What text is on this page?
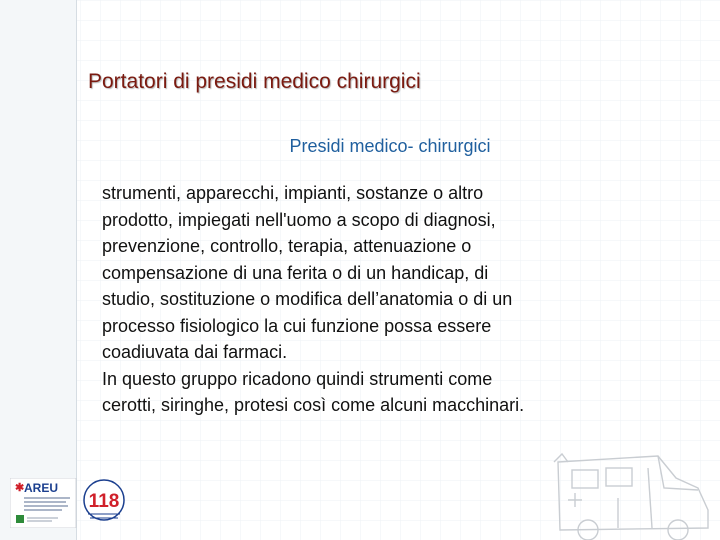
Portatori di presidi medico chirurgici
Presidi medico- chirurgici
strumenti, apparecchi, impianti, sostanze o altro
prodotto, impiegati nell'uomo a scopo di diagnosi,
prevenzione, controllo, terapia, attenuazione o
compensazione di una ferita o di un handicap, di
studio, sostituzione o modifica dell’anatomia o di un
processo fisiologico la cui funzione possa essere
coadiuvata dai farmaci.
In questo gruppo ricadono quindi strumenti come
cerotti, siringhe, protesi così come alcuni macchinari.
✱ AREU
118
